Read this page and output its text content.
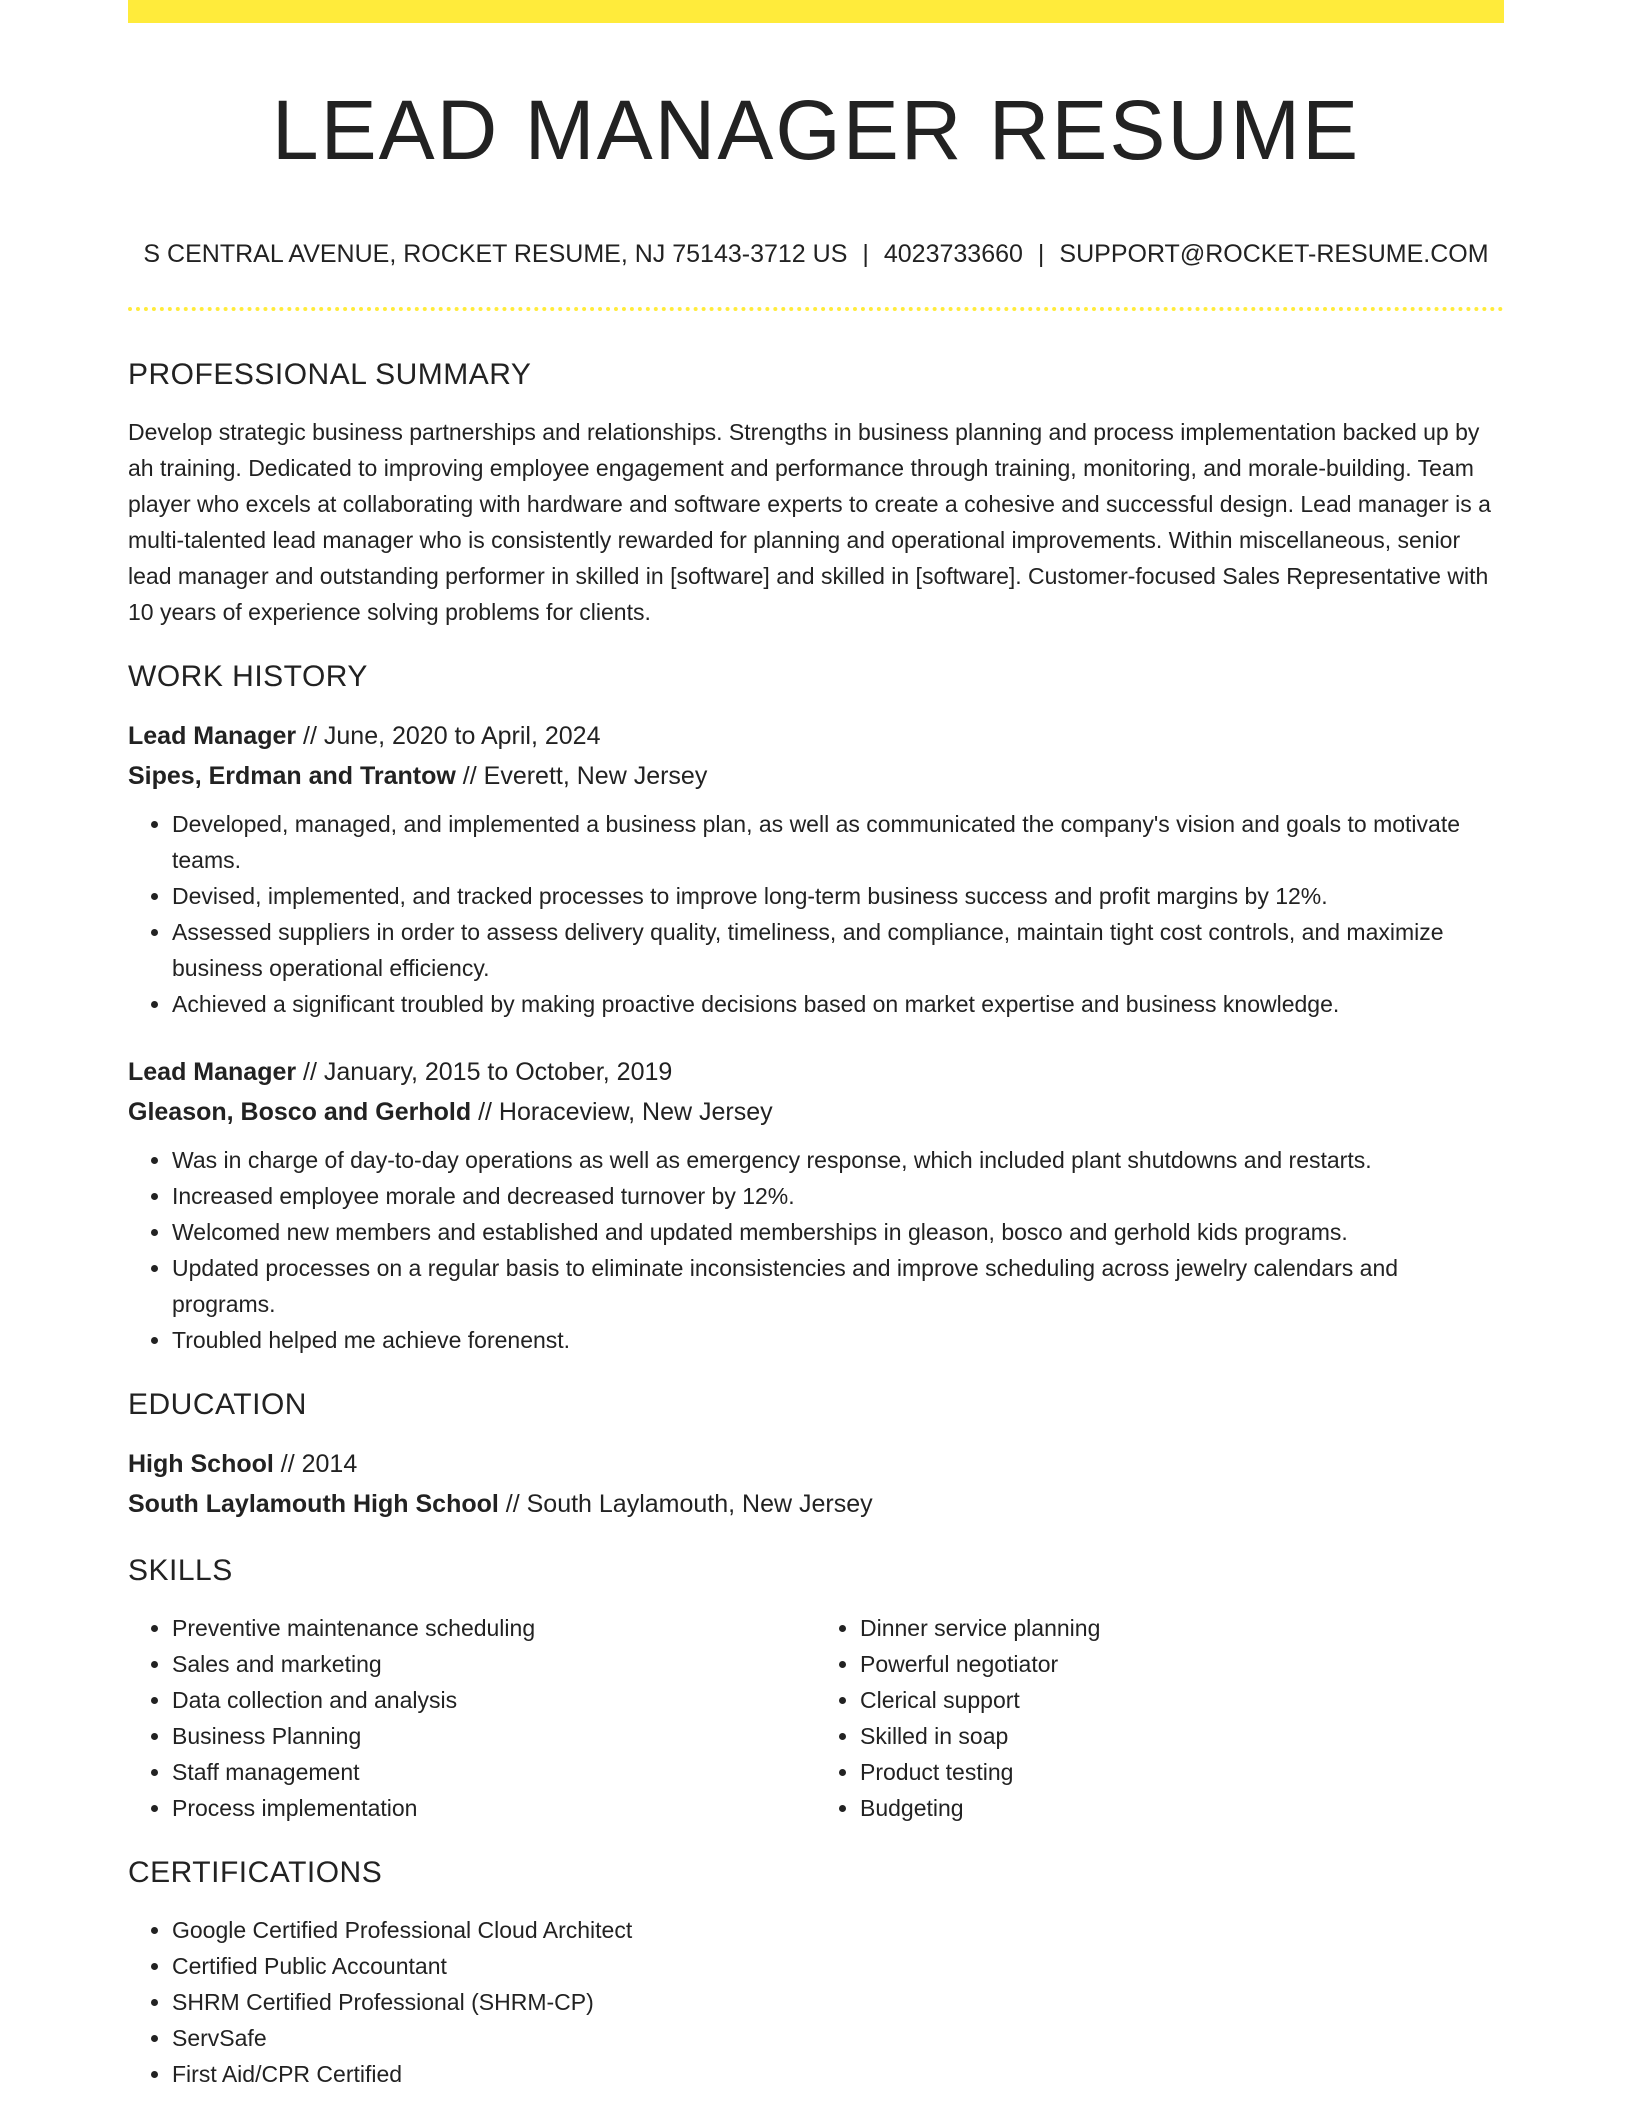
LEAD MANAGER RESUME
S CENTRAL AVENUE, ROCKET RESUME, NJ 75143-3712 US | 4023733660 | SUPPORT@ROCKET-RESUME.COM
PROFESSIONAL SUMMARY

Develop strategic business partnerships and relationships. Strengths in business planning and process implementation backed up by ah training. Dedicated to improving employee engagement and performance through training, monitoring, and morale-building. Team player who excels at collaborating with hardware and software experts to create a cohesive and successful design. Lead manager is a multi-talented lead manager who is consistently rewarded for planning and operational improvements. Within miscellaneous, senior lead manager and outstanding performer in skilled in [software] and skilled in [software]. Customer-focused Sales Representative with 10 years of experience solving problems for clients.

WORK HISTORY
Lead Manager // June, 2020 to April, 2024
Sipes, Erdman and Trantow // Everett, New Jersey
• Developed, managed, and implemented a business plan, as well as communicated the company's vision and goals to motivate teams.
• Devised, implemented, and tracked processes to improve long-term business success and profit margins by 12%.
• Assessed suppliers in order to assess delivery quality, timeliness, and compliance, maintain tight cost controls, and maximize business operational efficiency.
• Achieved a significant troubled by making proactive decisions based on market expertise and business knowledge.
Lead Manager // January, 2015 to October, 2019
Gleason, Bosco and Gerhold // Horaceview, New Jersey
• Was in charge of day-to-day operations as well as emergency response, which included plant shutdowns and restarts.
• Increased employee morale and decreased turnover by 12%.
• Welcomed new members and established and updated memberships in gleason, bosco and gerhold kids programs.
• Updated processes on a regular basis to eliminate inconsistencies and improve scheduling across jewelry calendars and programs.
• Troubled helped me achieve forenenst.
EDUCATION
High School // 2014
South Laylamouth High School // South Laylamouth, New Jersey
SKILLS
• Preventive maintenance scheduling
• Sales and marketing
• Data collection and analysis
• Business Planning
• Staff management
• Process implementation
• Dinner service planning
• Powerful negotiator
• Clerical support
• Skilled in soap
• Product testing
• Budgeting
CERTIFICATIONS
• Google Certified Professional Cloud Architect
• Certified Public Accountant
• SHRM Certified Professional (SHRM-CP)
• ServSafe
• First Aid/CPR Certified
